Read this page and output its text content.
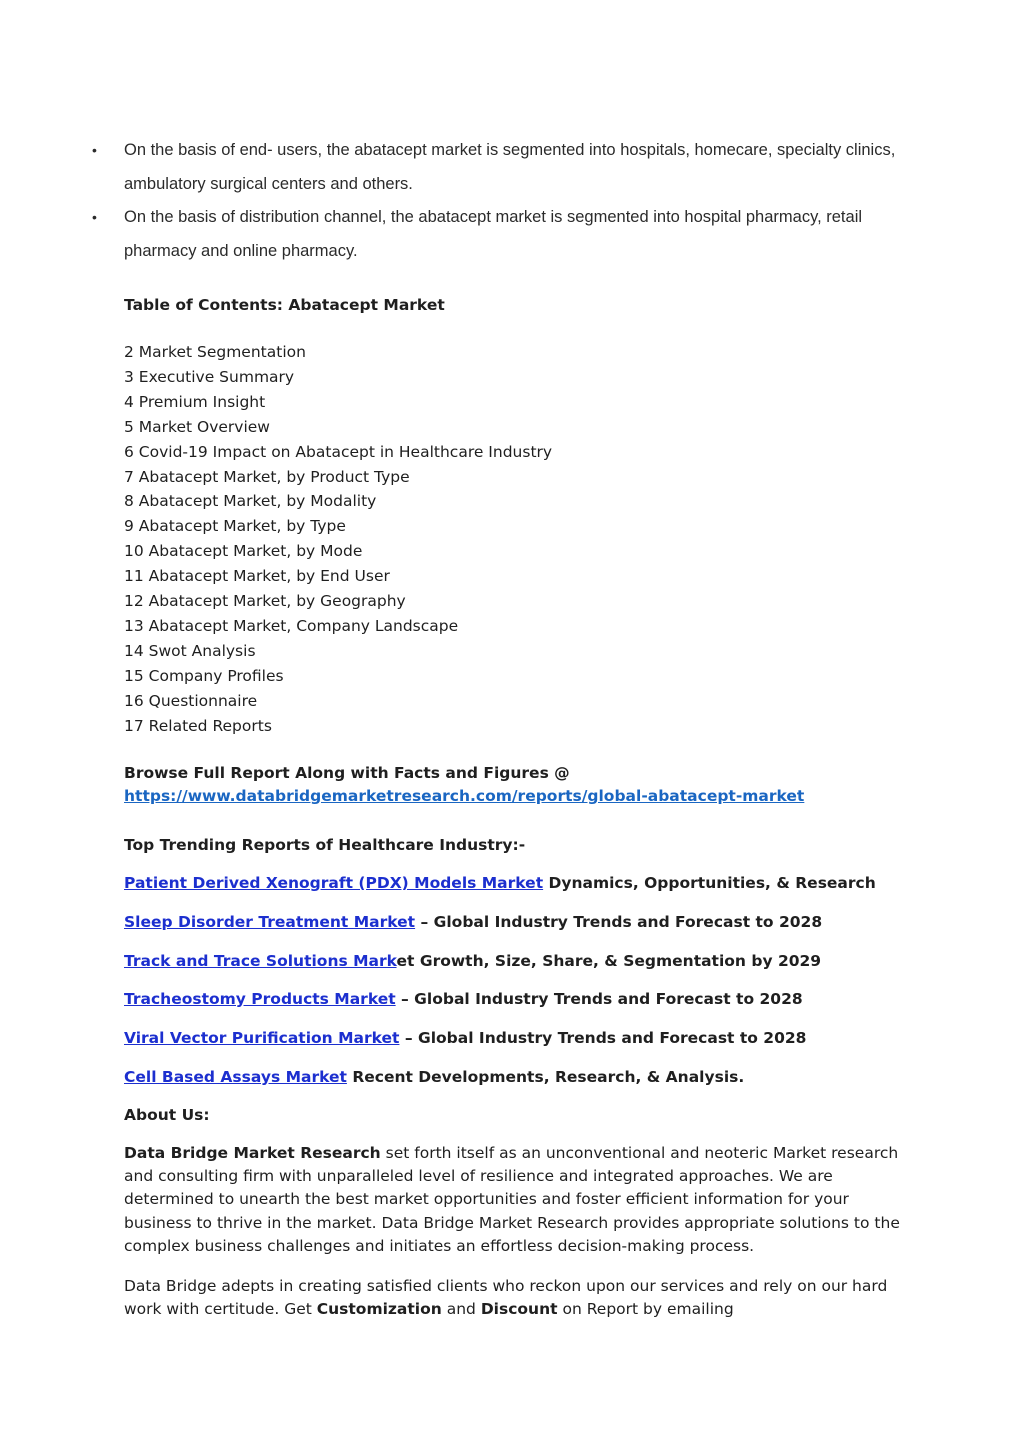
• On the basis of end- users, the abatacept market is segmented into hospitals, homecare, specialty clinics, ambulatory surgical centers and others.
• On the basis of distribution channel, the abatacept market is segmented into hospital pharmacy, retail pharmacy and online pharmacy.
Table of Contents: Abatacept Market
2 Market Segmentation
3 Executive Summary
4 Premium Insight
5 Market Overview
6 Covid-19 Impact on Abatacept in Healthcare Industry
7 Abatacept Market, by Product Type
8 Abatacept Market, by Modality
9 Abatacept Market, by Type
10 Abatacept Market, by Mode
11 Abatacept Market, by End User
12 Abatacept Market, by Geography
13 Abatacept Market, Company Landscape
14 Swot Analysis
15 Company Profiles
16 Questionnaire
17 Related Reports
Browse Full Report Along with Facts and Figures @
https://www.databridgemarketresearch.com/reports/global-abatacept-market
Top Trending Reports of Healthcare Industry:-
Patient Derived Xenograft (PDX) Models Market Dynamics, Opportunities, & Research
Sleep Disorder Treatment Market – Global Industry Trends and Forecast to 2028
Track and Trace Solutions Market Growth, Size, Share, & Segmentation by 2029
Tracheostomy Products Market – Global Industry Trends and Forecast to 2028
Viral Vector Purification Market – Global Industry Trends and Forecast to 2028
Cell Based Assays Market Recent Developments, Research, & Analysis.
About Us:
Data Bridge Market Research set forth itself as an unconventional and neoteric Market research and consulting firm with unparalleled level of resilience and integrated approaches. We are determined to unearth the best market opportunities and foster efficient information for your business to thrive in the market. Data Bridge Market Research provides appropriate solutions to the complex business challenges and initiates an effortless decision-making process.
Data Bridge adepts in creating satisfied clients who reckon upon our services and rely on our hard work with certitude. Get Customization and Discount on Report by emailing
